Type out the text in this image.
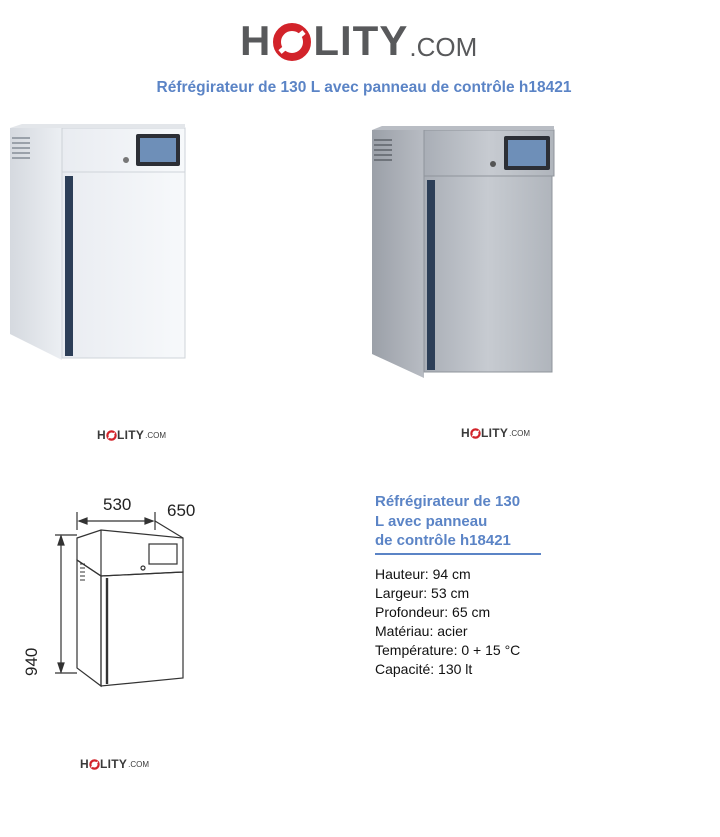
H LITY .COM
Réfrégirateur de 130 L avec panneau de contrôle h18421
H LITY .COM	H LITY .COM
530 650
940
H LITY .COM
Réfrégirateur de 130
L avec panneau
de contrôle h18421
Hauteur: 94 cm
Largeur: 53 cm
Profondeur: 65 cm
Matériau: acier
Température: 0 + 15 °C
Capacité: 130 lt
